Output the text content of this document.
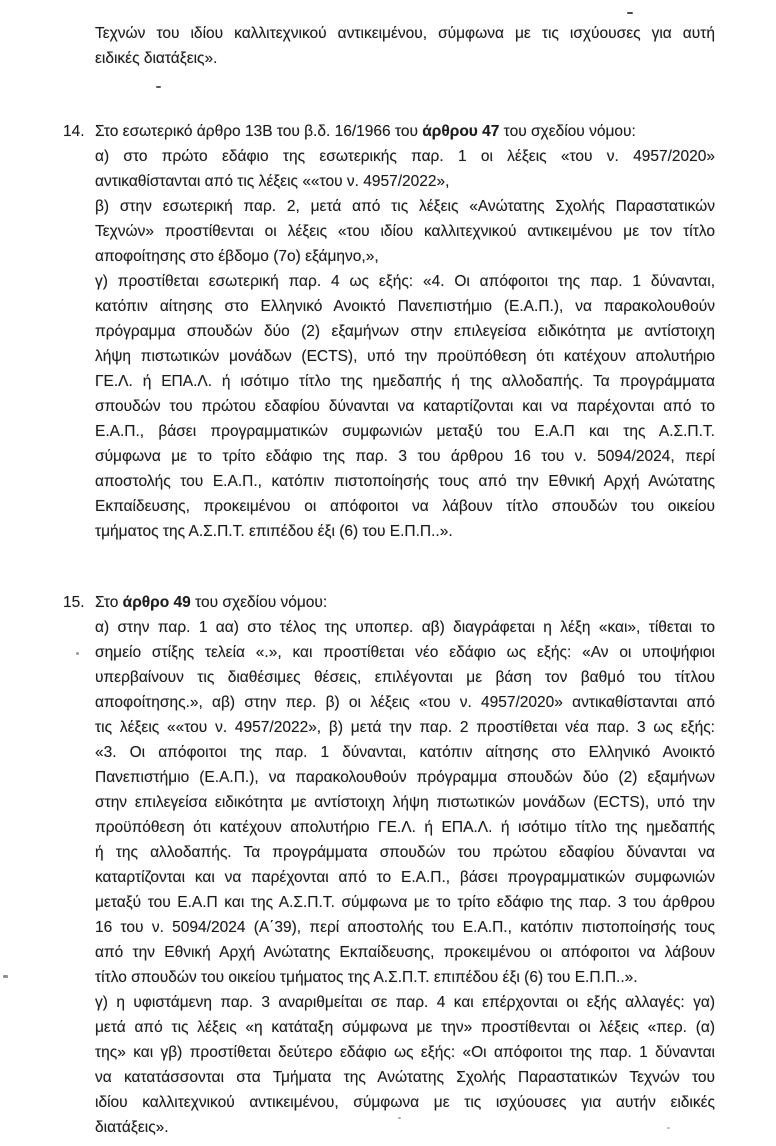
Τεχνών του ιδίου καλλιτεχνικού αντικειμένου, σύμφωνα με τις ισχύουσες για αυτή
ειδικές διατάξεις».
14. Στο εσωτερικό άρθρο 13Β του β.δ. 16/1966 του άρθρου 47 του σχεδίου νόμου:
α) στο πρώτο εδάφιο της εσωτερικής παρ. 1 οι λέξεις «του ν. 4957/2020»
αντικαθίστανται από τις λέξεις ««του ν. 4957/2022»,
β) στην εσωτερική παρ. 2, μετά από τις λέξεις «Ανώτατης Σχολής Παραστατικών
Τεχνών» προστίθενται οι λέξεις «του ιδίου καλλιτεχνικού αντικειμένου με τον τίτλο
αποφοίτησης στο έβδομο (7ο) εξάμηνο,»,
γ) προστίθεται εσωτερική παρ. 4 ως εξής: «4. Οι απόφοιτοι της παρ. 1 δύνανται,
κατόπιν αίτησης στο Ελληνικό Ανοικτό Πανεπιστήμιο (Ε.Α.Π.), να παρακολουθούν
πρόγραμμα σπουδών δύο (2) εξαμήνων στην επιλεγείσα ειδικότητα με αντίστοιχη
λήψη πιστωτικών μονάδων (ECTS), υπό την προϋπόθεση ότι κατέχουν απολυτήριο
ΓΕ.Λ. ή ΕΠΑ.Λ. ή ισότιμο τίτλο της ημεδαπής ή της αλλοδαπής. Τα προγράμματα
σπουδών του πρώτου εδαφίου δύνανται να καταρτίζονται και να παρέχονται από το
Ε.Α.Π., βάσει προγραμματικών συμφωνιών μεταξύ του Ε.Α.Π και της Α.Σ.Π.Τ.
σύμφωνα με το τρίτο εδάφιο της παρ. 3 του άρθρου 16 του ν. 5094/2024, περί
αποστολής του Ε.Α.Π., κατόπιν πιστοποίησής τους από την Εθνική Αρχή Ανώτατης
Εκπαίδευσης, προκειμένου οι απόφοιτοι να λάβουν τίτλο σπουδών του οικείου
τμήματος της Α.Σ.Π.Τ. επιπέδου έξι (6) του Ε.Π.Π..».
15. Στο άρθρο 49 του σχεδίου νόμου:
α) στην παρ. 1 αα) στο τέλος της υποπερ. αβ) διαγράφεται η λέξη «και», τίθεται το
σημείο στίξης τελεία «.», και προστίθεται νέο εδάφιο ως εξής: «Αν οι υποψήφιοι
υπερβαίνουν τις διαθέσιμες θέσεις, επιλέγονται με βάση τον βαθμό του τίτλου
αποφοίτησης.», αβ) στην περ. β) οι λέξεις «του ν. 4957/2020» αντικαθίστανται από
τις λέξεις ««του ν. 4957/2022», β) μετά την παρ. 2 προστίθεται νέα παρ. 3 ως εξής:
«3. Οι απόφοιτοι της παρ. 1 δύνανται, κατόπιν αίτησης στο Ελληνικό Ανοικτό
Πανεπιστήμιο (Ε.Α.Π.), να παρακολουθούν πρόγραμμα σπουδών δύο (2) εξαμήνων
στην επιλεγείσα ειδικότητα με αντίστοιχη λήψη πιστωτικών μονάδων (ECTS), υπό την
προϋπόθεση ότι κατέχουν απολυτήριο ΓΕ.Λ. ή ΕΠΑ.Λ. ή ισότιμο τίτλο της ημεδαπής
ή της αλλοδαπής. Τα προγράμματα σπουδών του πρώτου εδαφίου δύνανται να
καταρτίζονται και να παρέχονται από το Ε.Α.Π., βάσει προγραμματικών συμφωνιών
μεταξύ του Ε.Α.Π και της Α.Σ.Π.Τ. σύμφωνα με το τρίτο εδάφιο της παρ. 3 του άρθρου
16 του ν. 5094/2024 (Α΄39), περί αποστολής του Ε.Α.Π., κατόπιν πιστοποίησής τους
από την Εθνική Αρχή Ανώτατης Εκπαίδευσης, προκειμένου οι απόφοιτοι να λάβουν
τίτλο σπουδών του οικείου τμήματος της Α.Σ.Π.Τ. επιπέδου έξι (6) του Ε.Π.Π..».
γ) η υφιστάμενη παρ. 3 αναριθμείται σε παρ. 4 και επέρχονται οι εξής αλλαγές: γα)
μετά από τις λέξεις «η κατάταξη σύμφωνα με την» προστίθενται οι λέξεις «περ. (α)
της» και γβ) προστίθεται δεύτερο εδάφιο ως εξής: «Οι απόφοιτοι της παρ. 1 δύνανται
να κατατάσσονται στα Τμήματα της Ανώτατης Σχολής Παραστατικών Τεχνών του
ιδίου καλλιτεχνικού αντικειμένου, σύμφωνα με τις ισχύουσες για αυτήν ειδικές
διατάξεις».
